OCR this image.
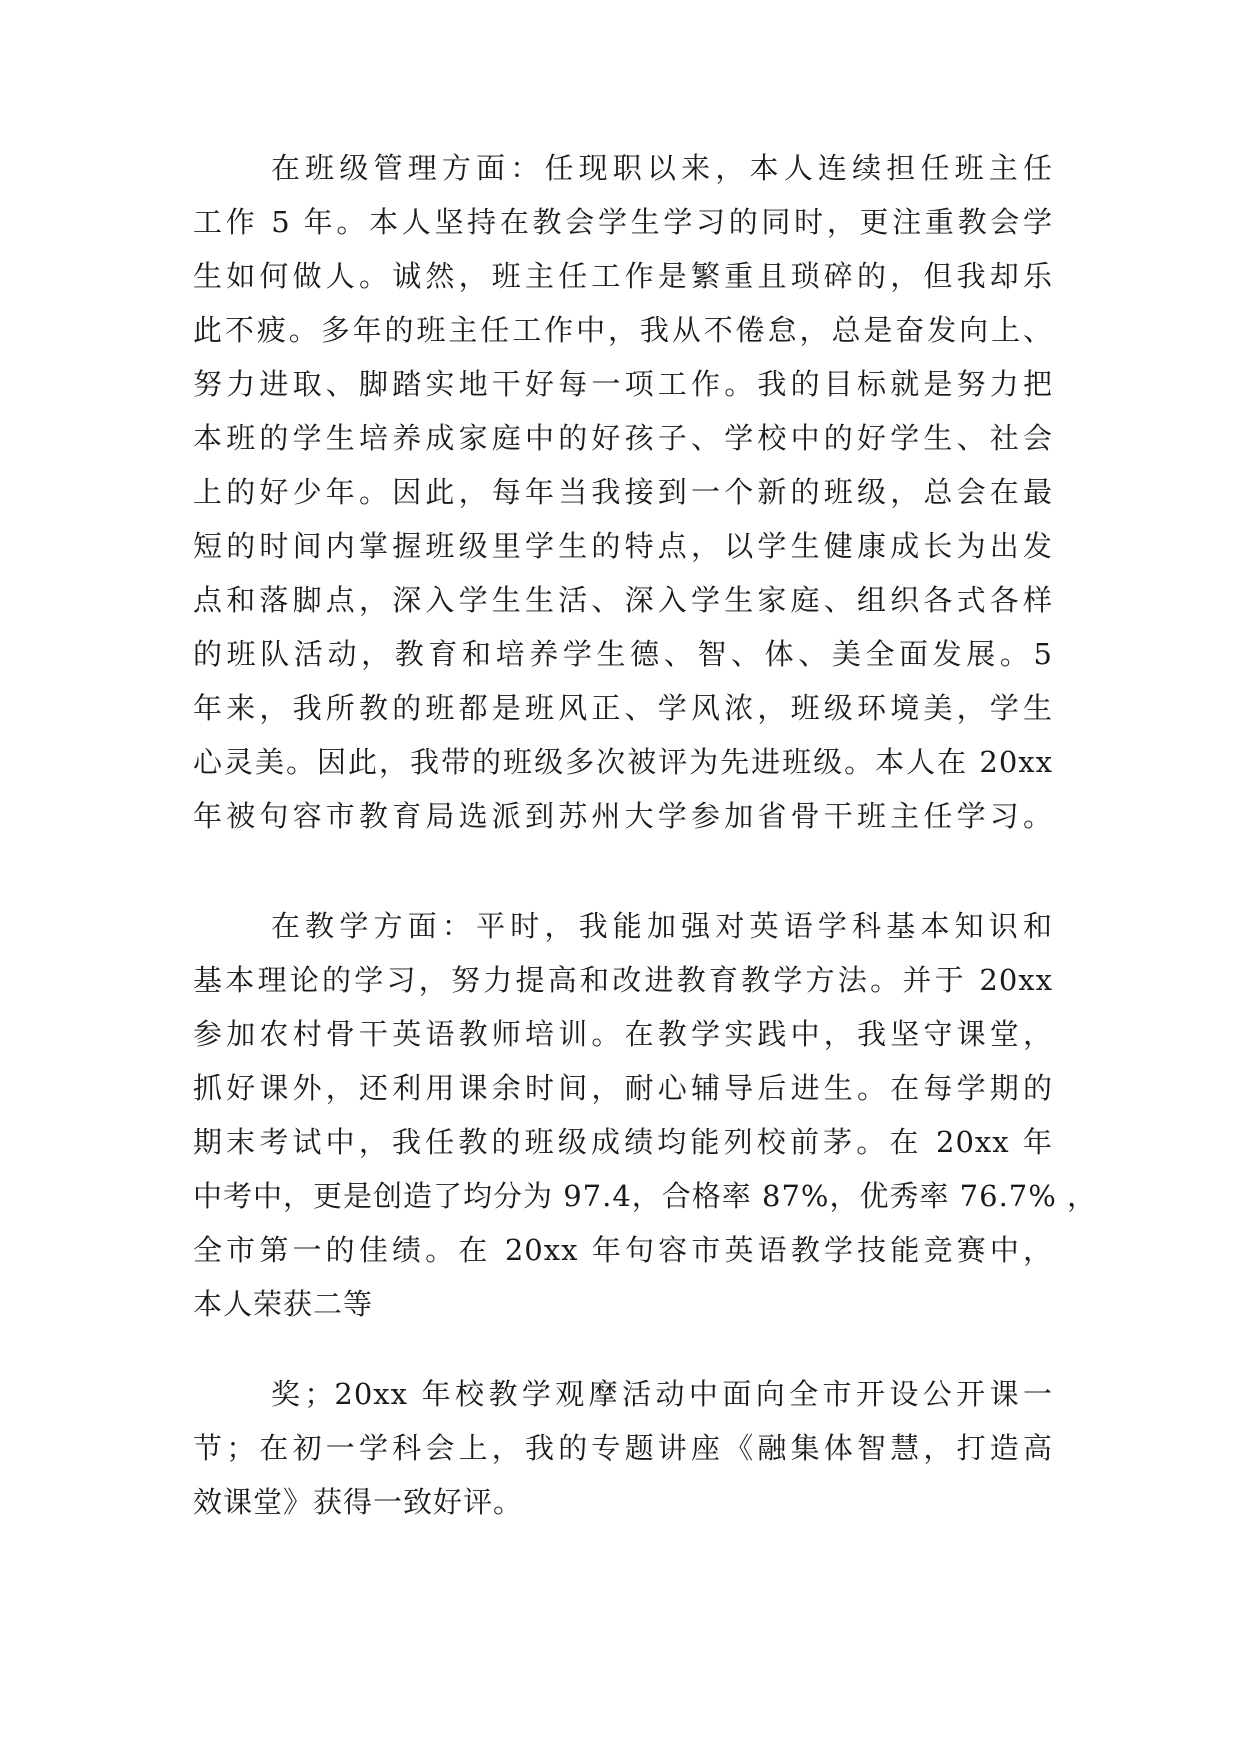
在班级管理方面：任现职以来，本人连续担任班主任
工作 5 年。本人坚持在教会学生学习的同时，更注重教会学
生如何做人。诚然，班主任工作是繁重且琐碎的，但我却乐
此不疲。多年的班主任工作中，我从不倦怠，总是奋发向上、
努力进取、脚踏实地干好每一项工作。我的目标就是努力把
本班的学生培养成家庭中的好孩子、学校中的好学生、社会
上的好少年。因此，每年当我接到一个新的班级，总会在最
短的时间内掌握班级里学生的特点，以学生健康成长为出发
点和落脚点，深入学生生活、深入学生家庭、组织各式各样
的班队活动，教育和培养学生德、智、体、美全面发展。5
年来，我所教的班都是班风正、学风浓，班级环境美，学生
心灵美。因此，我带的班级多次被评为先进班级。本人在 20xx
年被句容市教育局选派到苏州大学参加省骨干班主任学习。
在教学方面：平时，我能加强对英语学科基本知识和
基本理论的学习，努力提高和改进教育教学方法。并于 20xx
参加农村骨干英语教师培训。在教学实践中，我坚守课堂，
抓好课外，还利用课余时间，耐心辅导后进生。在每学期的
期末考试中，我任教的班级成绩均能列校前茅。在 20xx 年
中考中，更是创造了均分为 97.4，合格率 87%，优秀率 76.7% ，
全市第一的佳绩。在 20xx 年句容市英语教学技能竞赛中，
本人荣获二等
奖；20xx 年校教学观摩活动中面向全市开设公开课一
节；在初一学科会上，我的专题讲座《融集体智慧，打造高
效课堂》获得一致好评。
